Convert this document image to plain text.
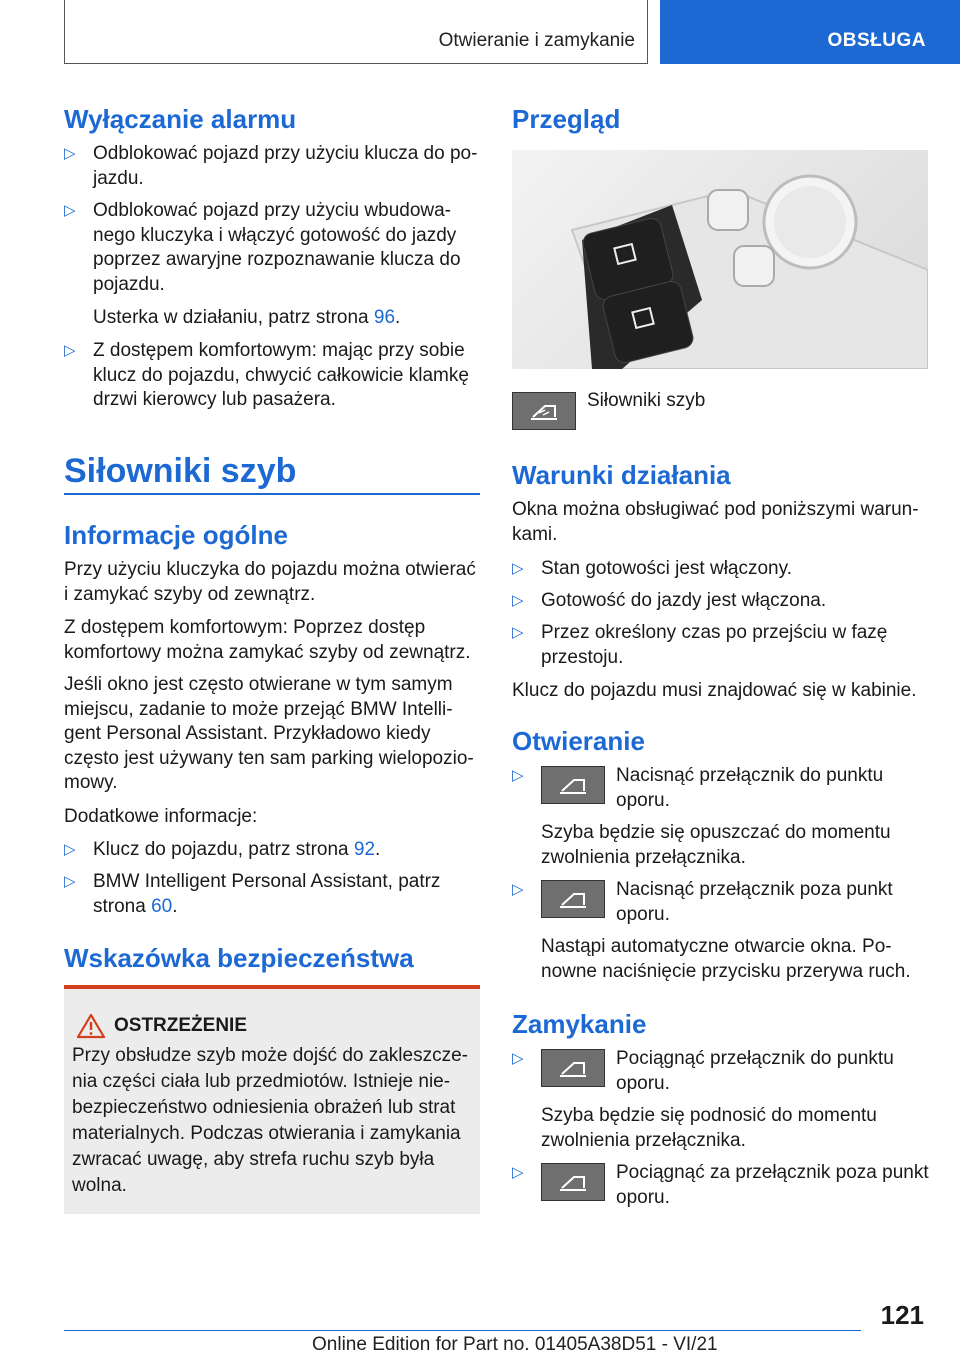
Otwieranie i zamykanie	OBSŁUGA
Wyłączanie alarmu
▷ Odblokować pojazd przy użyciu klucza do po-
jazdu.
▷ Odblokować pojazd przy użyciu wbudowa-
nego kluczyka i włączyć gotowość do jazdy
poprzez awaryjne rozpoznawanie klucza do
pojazdu.
Usterka w działaniu, patrz strona 96.
▷ Z dostępem komfortowym: mając przy sobie
klucz do pojazdu, chwycić całkowicie klamkę
drzwi kierowcy lub pasażera.
Siłowniki szyb
Informacje ogólne
Przy użyciu kluczyka do pojazdu można otwierać
i zamykać szyby od zewnątrz.
Z dostępem komfortowym: Poprzez dostęp
komfortowy można zamykać szyby od zewnątrz.
Jeśli okno jest często otwierane w tym samym
miejscu, zadanie to może przejąć BMW Intelli-
gent Personal Assistant. Przykładowo kiedy
często jest używany ten sam parking wielopozio-
mowy.
Dodatkowe informacje:
▷ Klucz do pojazdu, patrz strona 92.
▷ BMW Intelligent Personal Assistant, patrz
strona 60.
Wskazówka bezpieczeństwa
OSTRZEŻENIE
Przy obsłudze szyb może dojść do zakleszcze-
nia części ciała lub przedmiotów. Istnieje nie-
bezpieczeństwo odniesienia obrażeń lub strat
materialnych. Podczas otwierania i zamykania
zwracać uwagę, aby strefa ruchu szyb była
wolna.
Przegląd
Siłowniki szyb
Warunki działania
Okna można obsługiwać pod poniższymi warun-
kami.
▷ Stan gotowości jest włączony.
▷ Gotowość do jazdy jest włączona.
▷ Przez określony czas po przejściu w fazę
przestoju.
Klucz do pojazdu musi znajdować się w kabinie.
Otwieranie
▷	Nacisnąć przełącznik do punktu
oporu.
Szyba będzie się opuszczać do momentu
zwolnienia przełącznika.
▷	Nacisnąć przełącznik poza punkt
oporu.
Nastąpi automatyczne otwarcie okna. Po-
nowne naciśnięcie przycisku przerywa ruch.
Zamykanie
▷	Pociągnąć przełącznik do punktu
oporu.
Szyba będzie się podnosić do momentu
zwolnienia przełącznika.
▷	Pociągnąć za przełącznik poza punkt
oporu.
121
Online Edition for Part no. 01405A38D51 - VI/21
